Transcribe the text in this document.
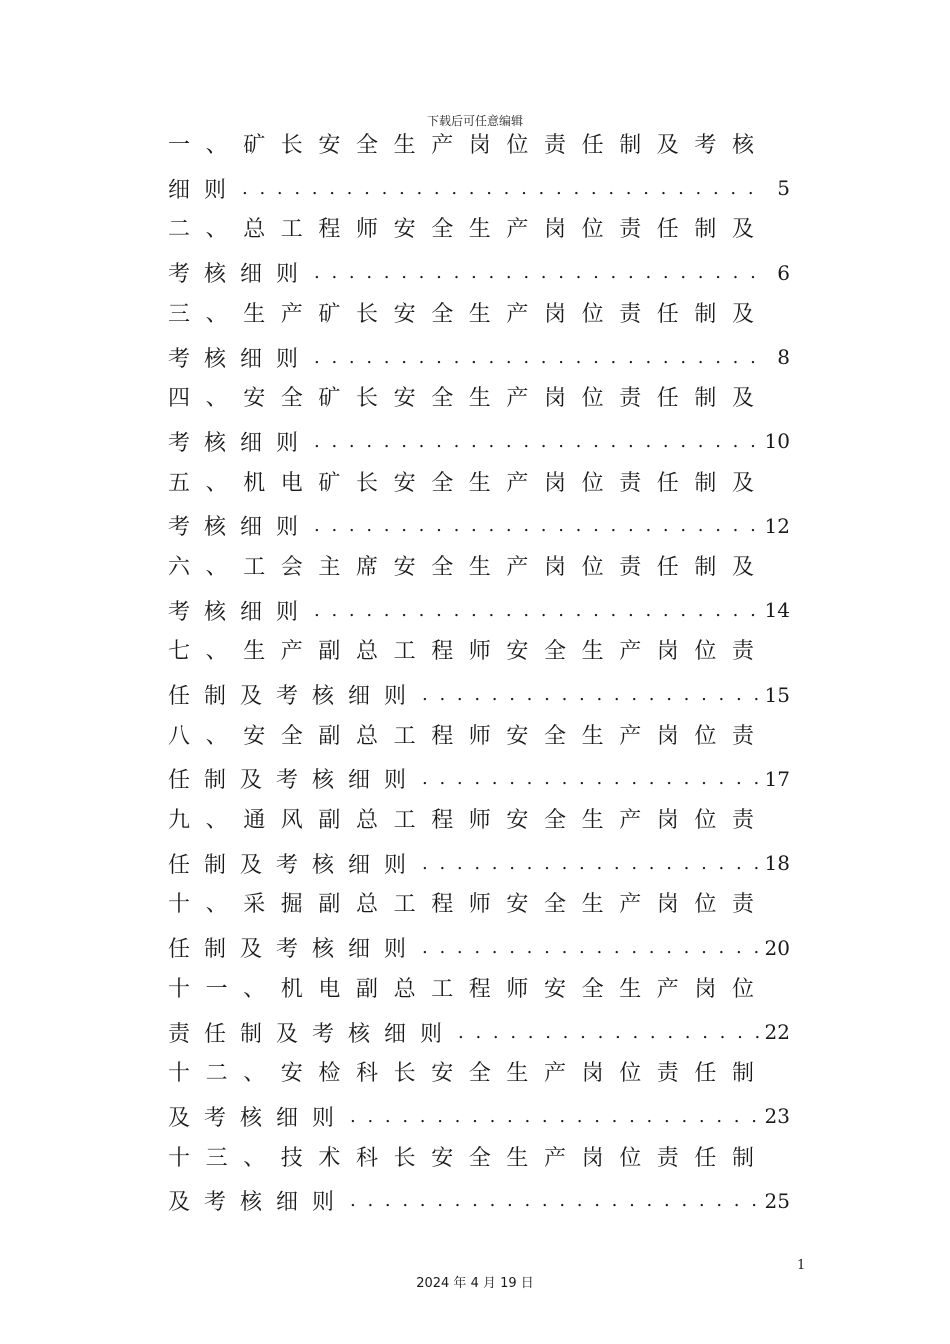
下载后可任意编辑
一、矿长安全生产岗位责任制及考核
细则 . . .	5
二、总工程师安全生产岗位责任制及
考核细则 . . .	6
三、生产矿长安全生产岗位责任制及
考核细则 . . .	8
四、安全矿长安全生产岗位责任制及
考核细则 . . .	10
五、机电矿长安全生产岗位责任制及
考核细则 . . .	12
六、工会主席安全生产岗位责任制及
考核细则 . . .	14
七、生产副总工程师安全生产岗位责
任制及考核细则 . . .	15
八、安全副总工程师安全生产岗位责
任制及考核细则 . . .	17
九、通风副总工程师安全生产岗位责
任制及考核细则 . . .	18
十、采掘副总工程师安全生产岗位责
任制及考核细则 . . .	20
十一、机电副总工程师安全生产岗位
责任制及考核细则 . . .	22
十二、安检科长安全生产岗位责任制
及考核细则 . . .	23
十三、技术科长安全生产岗位责任制
及考核细则 . . .	25
1
2024 年 4 月 19 日
